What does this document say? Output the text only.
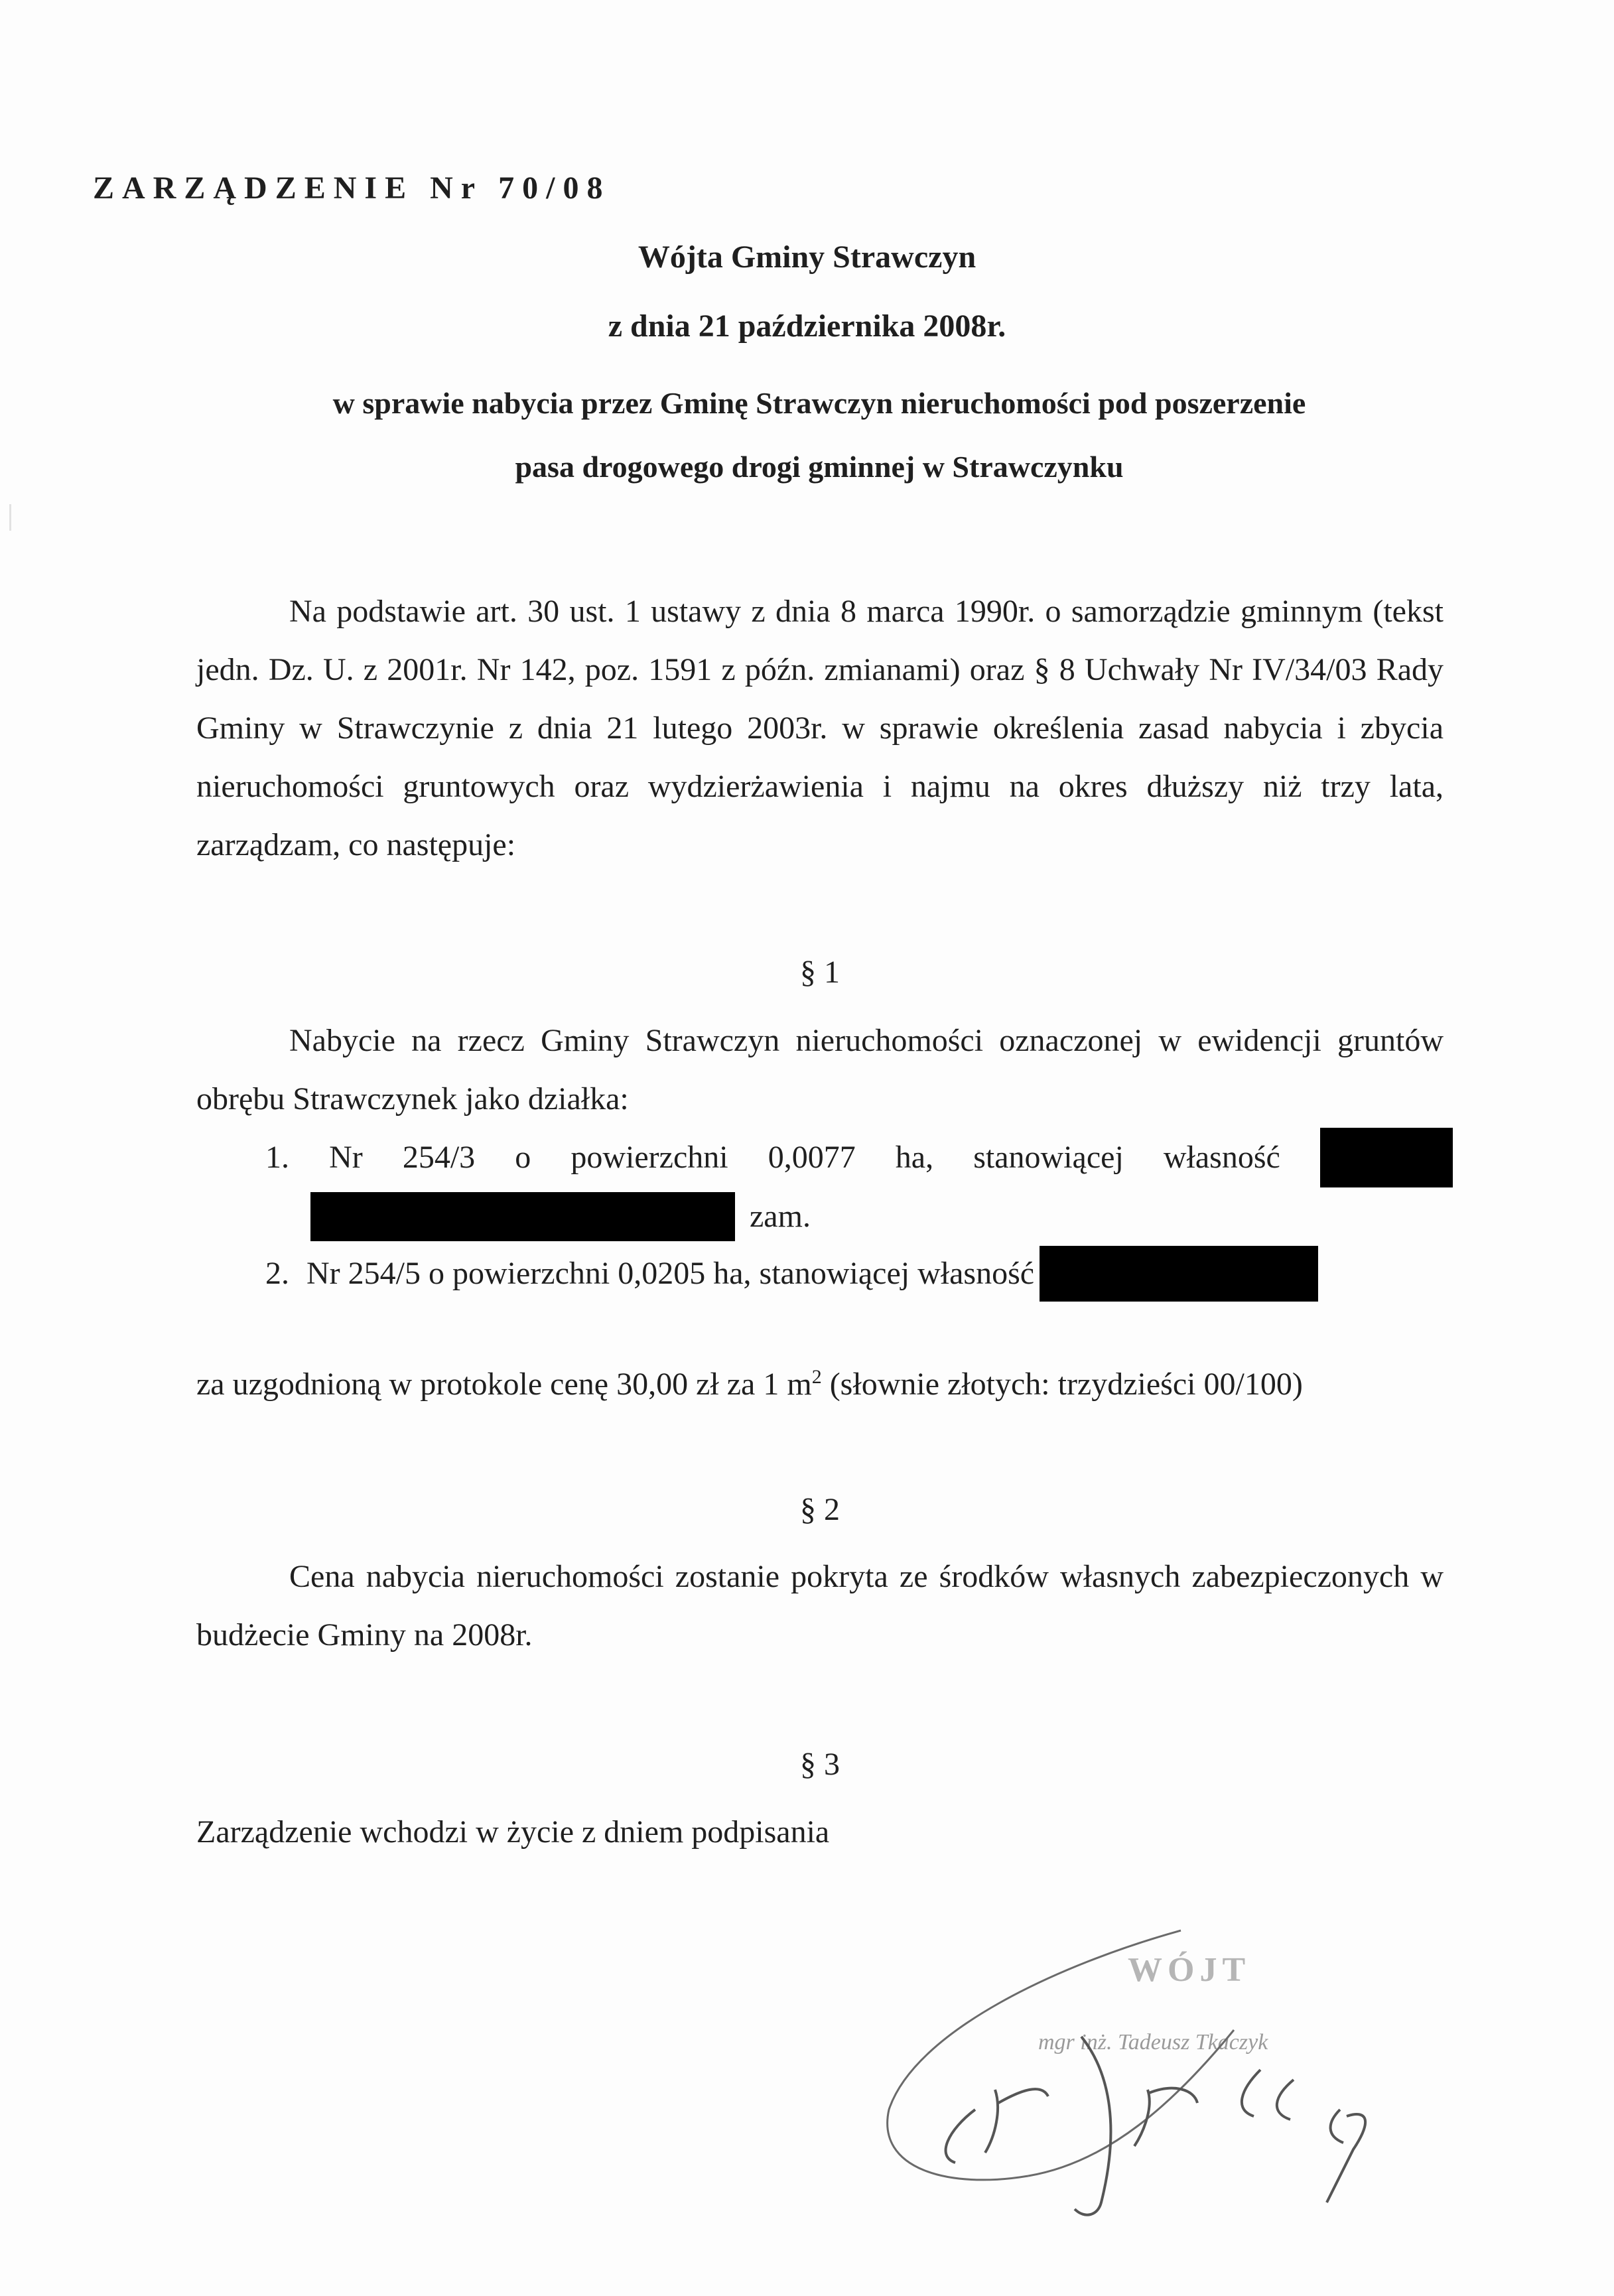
ZARZĄDZENIE Nr 70/08
Wójta Gminy Strawczyn
z dnia 21 października 2008r.
w sprawie nabycia przez Gminę Strawczyn nieruchomości pod poszerzenie
pasa drogowego drogi gminnej w Strawczynku
Na podstawie art. 30 ust. 1 ustawy z dnia 8 marca 1990r. o samorządzie gminnym (tekst jedn. Dz. U. z 2001r. Nr 142, poz. 1591 z późn. zmianami) oraz § 8 Uchwały Nr IV/34/03 Rady Gminy w Strawczynie z dnia 21 lutego 2003r. w sprawie określenia zasad nabycia i zbycia nieruchomości gruntowych oraz wydzierżawienia i najmu na okres dłuższy niż trzy lata, zarządzam, co następuje:
§ 1
Nabycie na rzecz Gminy Strawczyn nieruchomości oznaczonej w ewidencji gruntów obrębu Strawczynek jako działka:
1. Nr 254/3 o powierzchni 0,0077 ha, stanowiącej własność
zam.
2. Nr 254/5 o powierzchni 0,0205 ha, stanowiącej własność
za uzgodnioną w protokole cenę 30,00 zł za 1 $m^2$ (słownie złotych: trzydzieści 00/100)
§ 2
Cena nabycia nieruchomości zostanie pokryta ze środków własnych zabezpieczonych w budżecie Gminy na 2008r.
§ 3
Zarządzenie wchodzi w życie z dniem podpisania
WÓJT
mgr inż. Tadeusz Tkaczyk
